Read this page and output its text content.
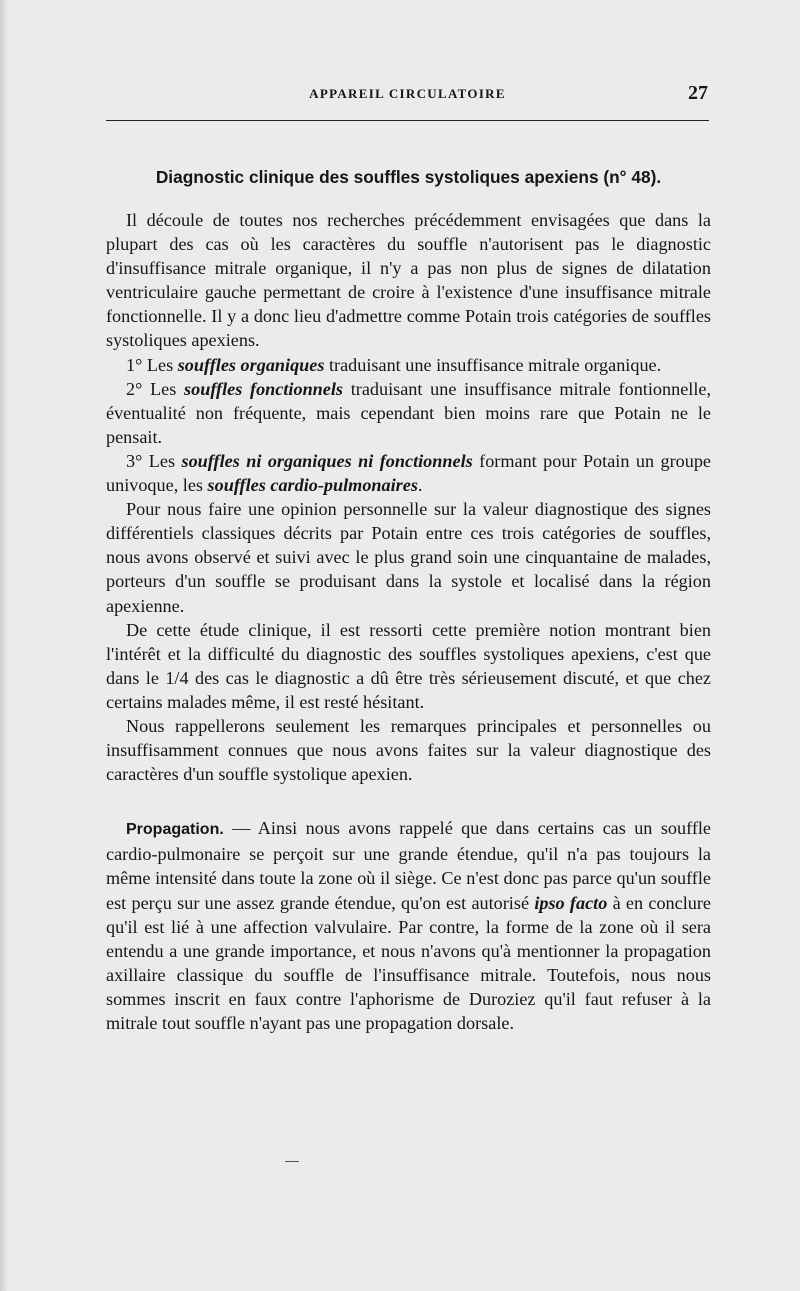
APPAREIL CIRCULATOIRE	27
Diagnostic clinique des souffles systoliques apexiens (n° 48).

Il découle de toutes nos recherches précédemment envisagées que dans la plupart des cas où les caractères du souffle n'autorisent pas le diagnostic d'insuffisance mitrale organique, il n'y a pas non plus de signes de dilatation ventriculaire gauche permettant de croire à l'existence d'une insuffisance mitrale fonctionnelle. Il y a donc lieu d'admettre comme Potain trois catégories de souffles systoliques apexiens.

1° Les souffles organiques traduisant une insuffisance mitrale organique.

2° Les souffles fonctionnels traduisant une insuffisance mitrale fontionnelle, éventualité non fréquente, mais cependant bien moins rare que Potain ne le pensait.

3° Les souffles ni organiques ni fonctionnels formant pour Potain un groupe univoque, les souffles cardio-pulmonaires.

Pour nous faire une opinion personnelle sur la valeur diagnostique des signes différentiels classiques décrits par Potain entre ces trois catégories de souffles, nous avons observé et suivi avec le plus grand soin une cinquantaine de malades, porteurs d'un souffle se produisant dans la systole et localisé dans la région apexienne.

De cette étude clinique, il est ressorti cette première notion montrant bien l'intérêt et la difficulté du diagnostic des souffles systoliques apexiens, c'est que dans le 1/4 des cas le diagnostic a dû être très sérieusement discuté, et que chez certains malades même, il est resté hésitant.

Nous rappellerons seulement les remarques principales et personnelles ou insuffisamment connues que nous avons faites sur la valeur diagnostique des caractères d'un souffle systolique apexien.

Propagation. — Ainsi nous avons rappelé que dans certains cas un souffle cardio-pulmonaire se perçoit sur une grande étendue, qu'il n'a pas toujours la même intensité dans toute la zone où il siège. Ce n'est donc pas parce qu'un souffle est perçu sur une assez grande étendue, qu'on est autorisé ipso facto à en conclure qu'il est lié à une affection valvulaire. Par contre, la forme de la zone où il sera entendu a une grande importance, et nous n'avons qu'à mentionner la propagation axillaire classique du souffle de l'insuffisance mitrale. Toutefois, nous nous sommes inscrit en faux contre l'aphorisme de Duroziez qu'il faut refuser à la mitrale tout souffle n'ayant pas une propagation dorsale.
